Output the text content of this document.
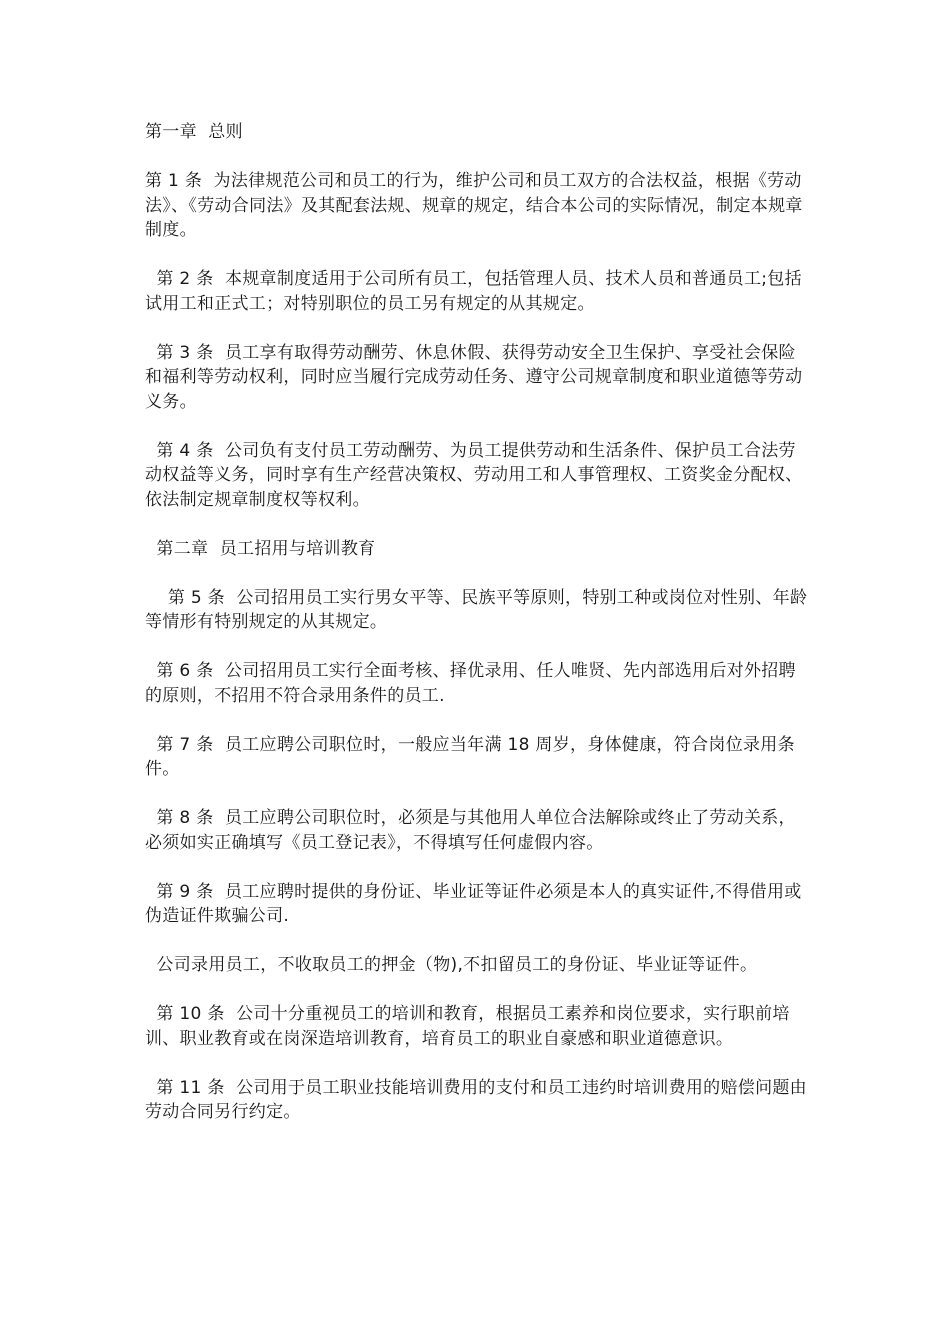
第一章  总则

第 1 条  为法律规范公司和员工的行为，维护公司和员工双方的合法权益，根据《劳动法》、《劳动合同法》及其配套法规、规章的规定，结合本公司的实际情况，制定本规章制度。

第 2 条  本规章制度适用于公司所有员工，包括管理人员、技术人员和普通员工;包括试用工和正式工；对特别职位的员工另有规定的从其规定。

第 3 条  员工享有取得劳动酬劳、休息休假、获得劳动安全卫生保护、享受社会保险和福利等劳动权利，同时应当履行完成劳动任务、遵守公司规章制度和职业道德等劳动义务。

第 4 条  公司负有支付员工劳动酬劳、为员工提供劳动和生活条件、保护员工合法劳动权益等义务，同时享有生产经营决策权、劳动用工和人事管理权、工资奖金分配权、依法制定规章制度权等权利。

第二章  员工招用与培训教育

第 5 条  公司招用员工实行男女平等、民族平等原则，特别工种或岗位对性别、年龄等情形有特别规定的从其规定。

第 6 条  公司招用员工实行全面考核、择优录用、任人唯贤、先内部选用后对外招聘的原则，不招用不符合录用条件的员工.

第 7 条  员工应聘公司职位时，一般应当年满 18 周岁，身体健康，符合岗位录用条件。

第 8 条  员工应聘公司职位时，必须是与其他用人单位合法解除或终止了劳动关系，必须如实正确填写《员工登记表》，不得填写任何虚假内容。

第 9 条  员工应聘时提供的身份证、毕业证等证件必须是本人的真实证件,不得借用或伪造证件欺骗公司.

公司录用员工，不收取员工的押金（物),不扣留员工的身份证、毕业证等证件。

第 10 条  公司十分重视员工的培训和教育，根据员工素养和岗位要求，实行职前培训、职业教育或在岗深造培训教育，培育员工的职业自豪感和职业道德意识。

第 11 条  公司用于员工职业技能培训费用的支付和员工违约时培训费用的赔偿问题由劳动合同另行约定。
